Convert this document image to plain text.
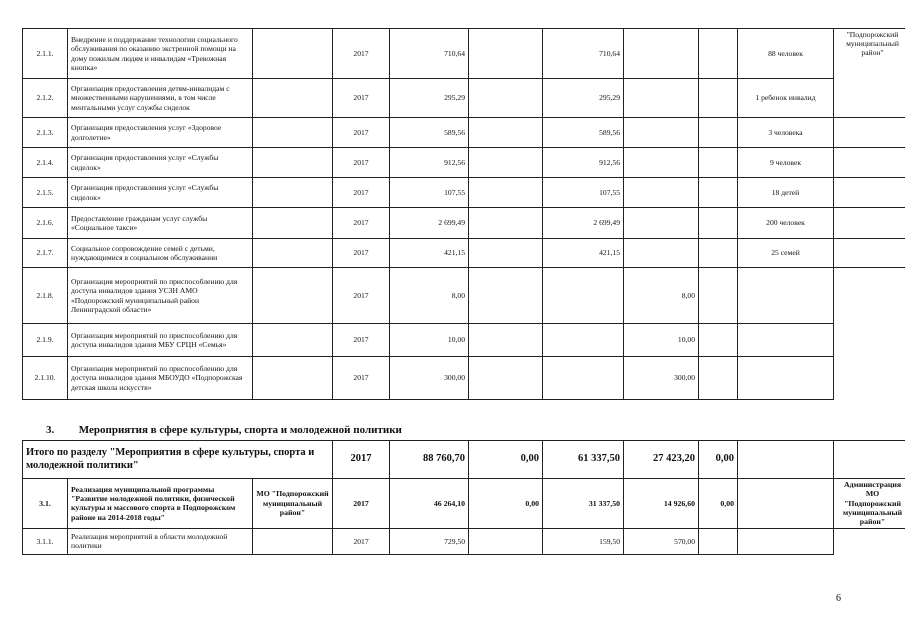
2.1.1.	Внедрение и поддержание технологии социального обслуживания по оказанию экстренной помощи на дому пожилым людям и инвалидам «Тревожная кнопка»		2017	710,64		710,64			88 человек	"Подпорожский муниципальный район"
2.1.2.	Организация предоставления детям-инвалидам с множественными нарушениями, в том числе ментальными услуг службы сиделок		2017	295,29		295,29			1 ребенок инвалид	
2.1.3.	Организация предоставления услуг «Здоровое долголетие»		2017	589,56		589,56			3 человека	
2.1.4.	Организация предоставления услуг «Службы сиделок»		2017	912,56		912,56			9 человек	
2.1.5.	Организация предоставления услуг «Службы сиделок»		2017	107,55		107,55			18 детей	
2.1.6.	Предоставление гражданам услуг службы «Социальное такси»		2017	2 699,49		2 699,49			200 человек	
2.1.7.	Социальное сопровождение семей с детьми, нуждающимися в социальном обслуживании		2017	421,15		421,15			25 семей	
2.1.8.	Организация мероприятий по приспособлению для доступа инвалидов здания УСЗН АМО «Подпорожский муниципальный район Ленинградской области»		2017	8,00			8,00			
2.1.9.	Организация мероприятий по приспособлению для доступа инвалидов здания МБУ СРЦН «Семья»		2017	10,00			10,00			
2.1.10.	Организация мероприятий по приспособлению для доступа инвалидов здания МБОУДО «Подпорожская детская школа искусств»		2017	300,00			300,00			
3. Мероприятия в сфере культуры, спорта и молодежной политики
Итого по разделу "Мероприятия в сфере культуры, спорта и молодежной политики"			2017	88 760,70	0,00	61 337,50	27 423,20	0,00		
3.1.	Реализация муниципальной программы "Развитие молодежной политики, физической культуры и массового спорта в Подпорожском районе на 2014-2018 годы"	МО "Подпорожский муниципальный район"	2017	46 264,10	0,00	31 337,50	14 926,60	0,00		Администрация МО "Подпорожский муниципальный район"
3.1.1.	Реализация мероприятий в области молодежной политики		2017	729,50		159,50	570,00			
6
